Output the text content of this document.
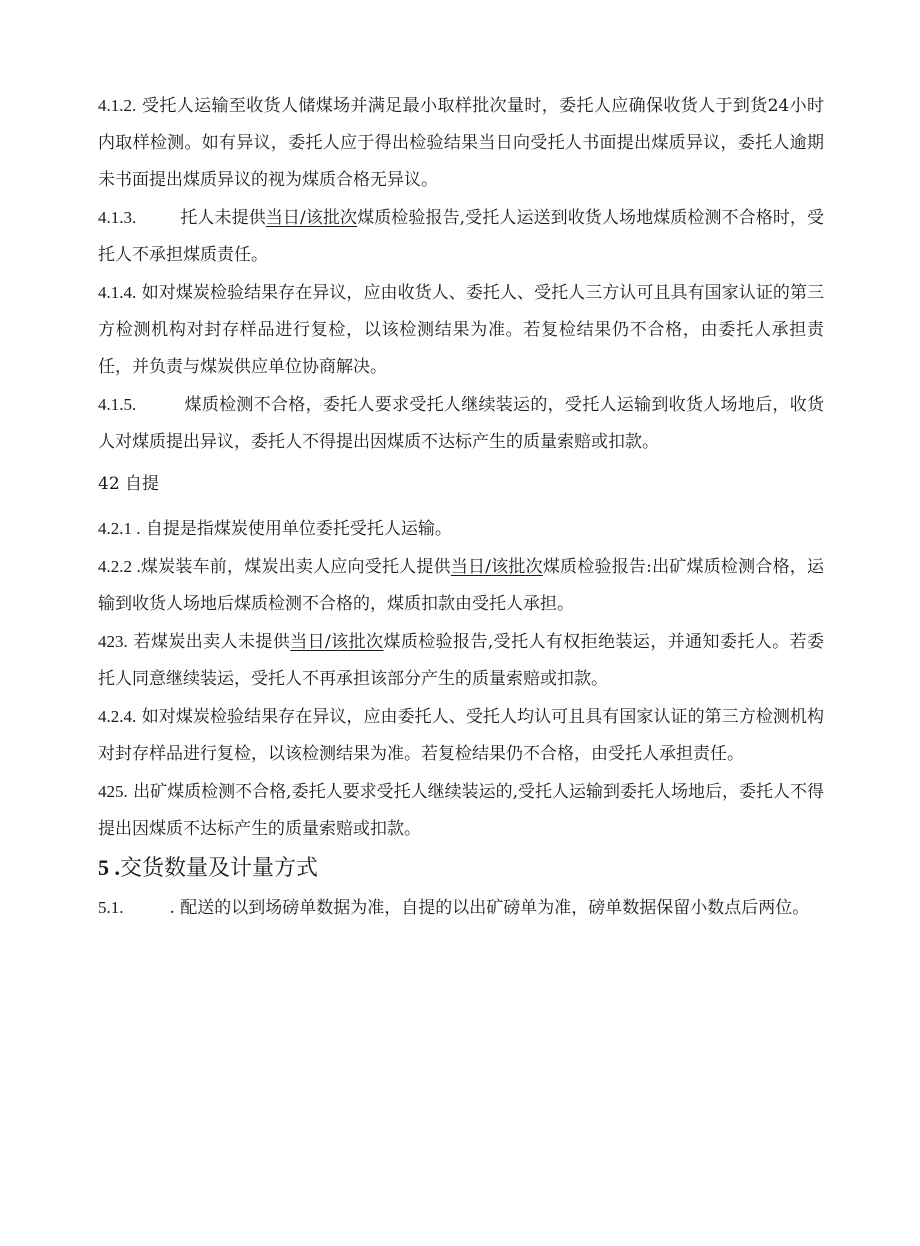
4.1.2. 受托人运输至收货人储煤场并满足最小取样批次量时，委托人应确保收货人于到货24小时内取样检测。如有异议，委托人应于得出检验结果当日向受托人书面提出煤质异议，委托人逾期未书面提出煤质异议的视为煤质合格无异议。

4.1.3.	托人未提供当日/该批次煤质检验报告,受托人运送到收货人场地煤质检测不合格时，受托人不承担煤质责任。

4.1.4. 如对煤炭检验结果存在异议，应由收货人、委托人、受托人三方认可且具有国家认证的第三方检测机构对封存样品进行复检，以该检测结果为准。若复检结果仍不合格，由委托人承担责任，并负责与煤炭供应单位协商解决。

4.1.5.	煤质检测不合格，委托人要求受托人继续装运的，受托人运输到收货人场地后，收货人对煤质提出异议，委托人不得提出因煤质不达标产生的质量索赔或扣款。

42 自提

4.2.1 . 自提是指煤炭使用单位委托受托人运输。

4.2.2 .煤炭装车前，煤炭出卖人应向受托人提供当日/该批次煤质检验报告:出矿煤质检测合格，运输到收货人场地后煤质检测不合格的，煤质扣款由受托人承担。

423. 若煤炭出卖人未提供当日/该批次煤质检验报告,受托人有权拒绝装运，并通知委托人。若委托人同意继续装运，受托人不再承担该部分产生的质量索赔或扣款。

4.2.4. 如对煤炭检验结果存在异议，应由委托人、受托人均认可且具有国家认证的第三方检测机构对封存样品进行复检，以该检测结果为准。若复检结果仍不合格，由受托人承担责任。

425. 出矿煤质检测不合格,委托人要求受托人继续装运的,受托人运输到委托人场地后，委托人不得提出因煤质不达标产生的质量索赔或扣款。

5 .交货数量及计量方式

5.1.	. 配送的以到场磅单数据为准，自提的以出矿磅单为准，磅单数据保留小数点后两位。
